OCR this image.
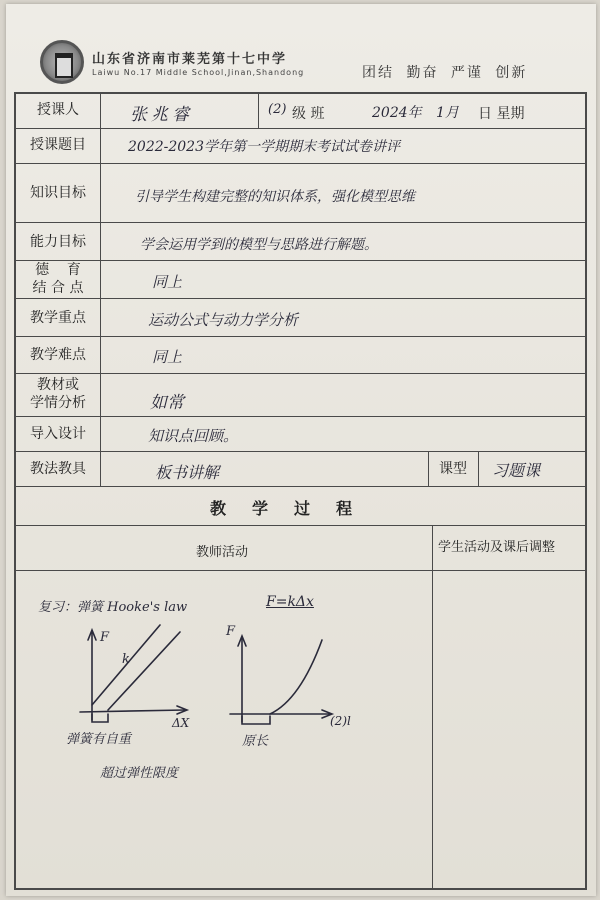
山东省济南市莱芜第十七中学
Laiwu No.17 Middle School,Jinan,Shandong	团结 勤奋 严谨 创新
授课人	张兆睿	(2) 级 班	2024年 1月 日 星期
授课题目	2022-2023学年第一学期期末考试试卷讲评
知识目标	引导学生构建完整的知识体系，强化模型思维
能力目标	学会运用学到的模型与思路进行解题。
德    育
结 合 点	同上
教学重点	运动公式与动力学分析
教学难点	同上
教材或
学情分析	如常
导入设计	知识点回顾。
教法教具	板书讲解	课型	习题课
教学过程
教师活动	学生活动及课后调整
复习：弹簧 Hooke's law	F=kΔx
F
k
ΔX
弹簧有自重
超过弹性限度
F
(2)l
原长
